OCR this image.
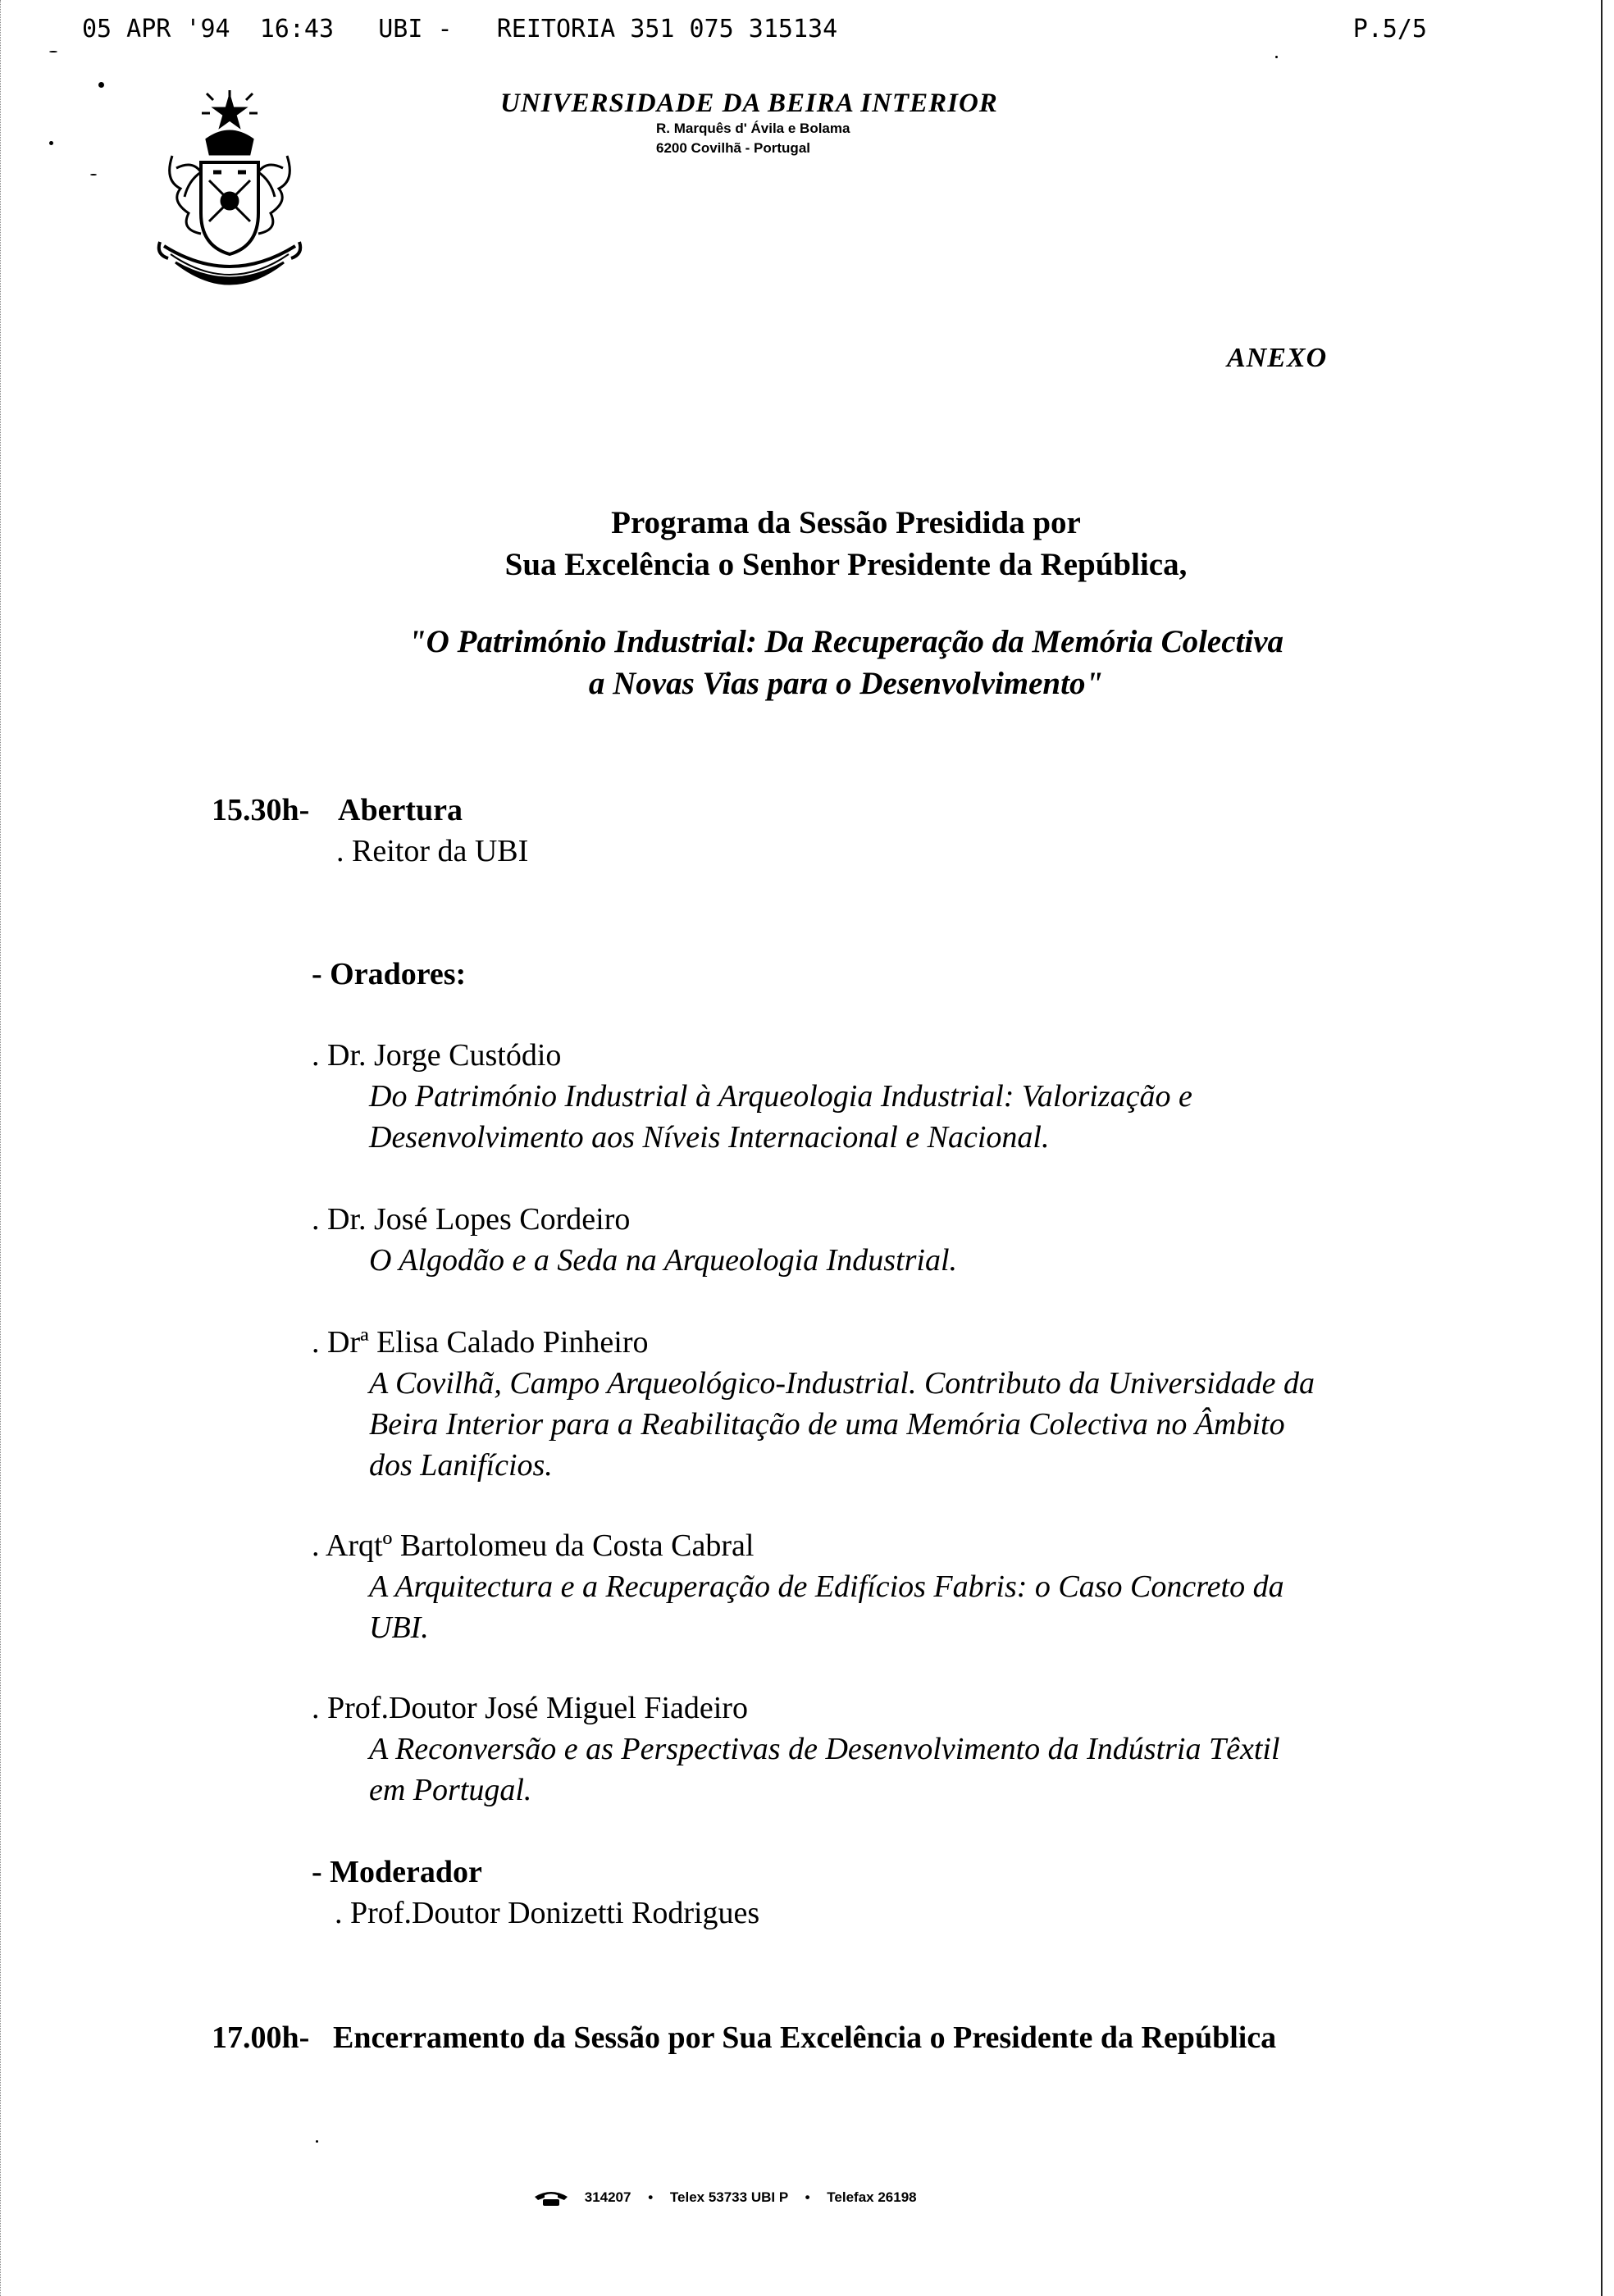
05 APR '94  16:43   UBI -   REITORIA 351 075 315134

	P.5/5

UNIVERSIDADE DA BEIRA INTERIOR
R. Marquês d' Ávila e Bolama
6200 Covilhã - Portugal
ANEXO
Programa da Sessão Presidida por
Sua Excelência o Senhor Presidente da República,
"O Património Industrial: Da Recuperação da Memória Colectiva
a Novas Vias para o Desenvolvimento"
15.30h- Abertura
. Reitor da UBI
- Oradores:
. Dr. Jorge Custódio
Do Património Industrial à Arqueologia Industrial: Valorização e
Desenvolvimento aos Níveis Internacional e Nacional.
. Dr. José Lopes Cordeiro
O Algodão e a Seda na Arqueologia Industrial.
. Drª Elisa Calado Pinheiro
A Covilhã, Campo Arqueológico-Industrial. Contributo da Universidade da
Beira Interior para a Reabilitação de uma Memória Colectiva no Âmbito
dos Lanifícios.
. Arqtº Bartolomeu da Costa Cabral
A Arquitectura e a Recuperação de Edifícios Fabris: o Caso Concreto da
UBI.
. Prof.Doutor José Miguel Fiadeiro
A Reconversão e as Perspectivas de Desenvolvimento da Indústria Têxtil
em Portugal.
- Moderador
. Prof.Doutor Donizetti Rodrigues
17.00h- Encerramento da Sessão por Sua Excelência o Presidente da República
314207 • Telex 53733 UBI P • Telefax 26198
